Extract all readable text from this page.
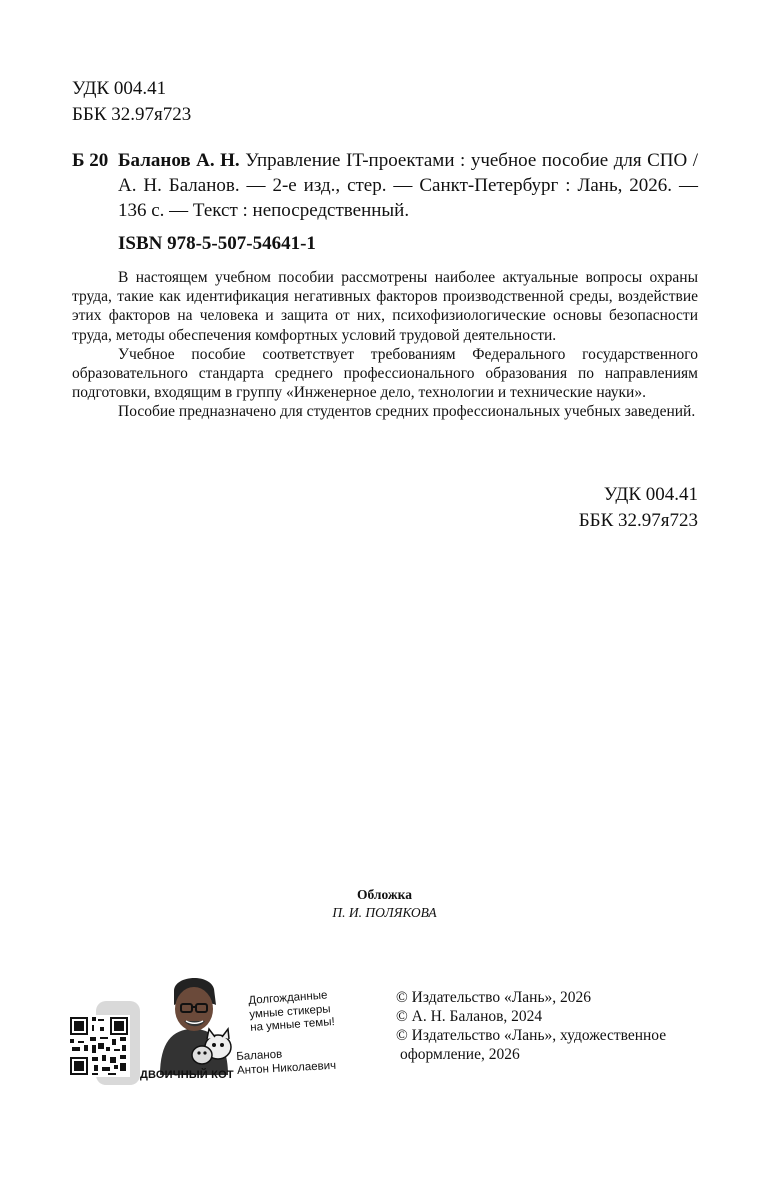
УДК 004.41
ББК 32.97я723
Б 20 Баланов А. Н. Управление IT-проектами : учебное пособие для СПО / А. Н. Баланов. — 2-е изд., стер. — Санкт-Петербург : Лань, 2026. — 136 с. — Текст : непосредственный.
ISBN 978-5-507-54641-1

В настоящем учебном пособии рассмотрены наиболее актуальные вопросы охраны труда, такие как идентификация негативных факторов производственной среды, воздействие этих факторов на человека и защита от них, психофизиологические основы безопасности труда, методы обеспечения комфортных условий трудовой деятельности.

Учебное пособие соответствует требованиям Федерального государственного образовательного стандарта среднего профессионального образования по направлениям подготовки, входящим в группу «Инженерное дело, технологии и технические науки».

Пособие предназначено для студентов средних профессиональных учебных заведений.

УДК 004.41
ББК 32.97я723
Обложка
П. И. ПОЛЯКОВА
ДВОИЧНЫЙ КОТ
Долгожданные
умные стикеры
на умные темы!
Баланов
Антон Николаевич
© Издательство «Лань», 2026
© А. Н. Баланов, 2024
© Издательство «Лань», художественное
оформление, 2026
